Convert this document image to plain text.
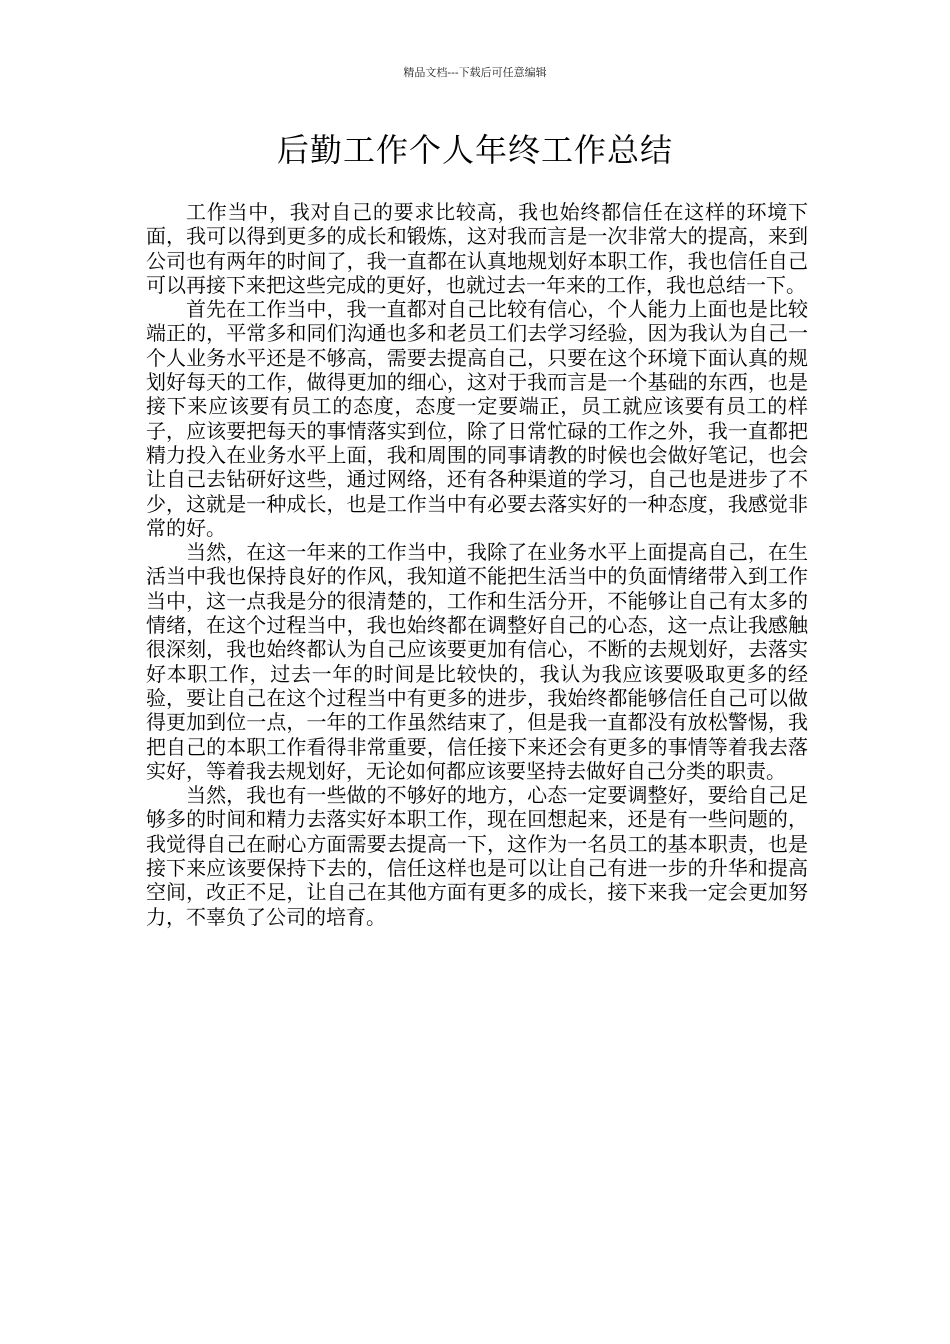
精品文档---下载后可任意编辑
后勤工作个人年终工作总结

工作当中，我对自己的要求比较高，我也始终都信任在这样的环境下面，我可以得到更多的成长和锻炼，这对我而言是一次非常大的提高，来到公司也有两年的时间了，我一直都在认真地规划好本职工作，我也信任自己可以再接下来把这些完成的更好，也就过去一年来的工作，我也总结一下。

首先在工作当中，我一直都对自己比较有信心，个人能力上面也是比较端正的，平常多和同们沟通也多和老员工们去学习经验，因为我认为自己一个人业务水平还是不够高，需要去提高自己，只要在这个环境下面认真的规划好每天的工作，做得更加的细心，这对于我而言是一个基础的东西，也是接下来应该要有员工的态度，态度一定要端正，员工就应该要有员工的样子，应该要把每天的事情落实到位，除了日常忙碌的工作之外，我一直都把精力投入在业务水平上面，我和周围的同事请教的时候也会做好笔记，也会让自己去钻研好这些，通过网络，还有各种渠道的学习，自己也是进步了不少，这就是一种成长，也是工作当中有必要去落实好的一种态度，我感觉非常的好。

当然，在这一年来的工作当中，我除了在业务水平上面提高自己，在生活当中我也保持良好的作风，我知道不能把生活当中的负面情绪带入到工作当中，这一点我是分的很清楚的，工作和生活分开，不能够让自己有太多的情绪，在这个过程当中，我也始终都在调整好自己的心态，这一点让我感触很深刻，我也始终都认为自己应该要更加有信心，不断的去规划好，去落实好本职工作，过去一年的时间是比较快的，我认为我应该要吸取更多的经验，要让自己在这个过程当中有更多的进步，我始终都能够信任自己可以做得更加到位一点，一年的工作虽然结束了，但是我一直都没有放松警惕，我把自己的本职工作看得非常重要，信任接下来还会有更多的事情等着我去落实好，等着我去规划好，无论如何都应该要坚持去做好自己分类的职责。

当然，我也有一些做的不够好的地方，心态一定要调整好，要给自己足够多的时间和精力去落实好本职工作，现在回想起来，还是有一些问题的，我觉得自己在耐心方面需要去提高一下，这作为一名员工的基本职责，也是接下来应该要保持下去的，信任这样也是可以让自己有进一步的升华和提高空间，改正不足，让自己在其他方面有更多的成长，接下来我一定会更加努力，不辜负了公司的培育。
